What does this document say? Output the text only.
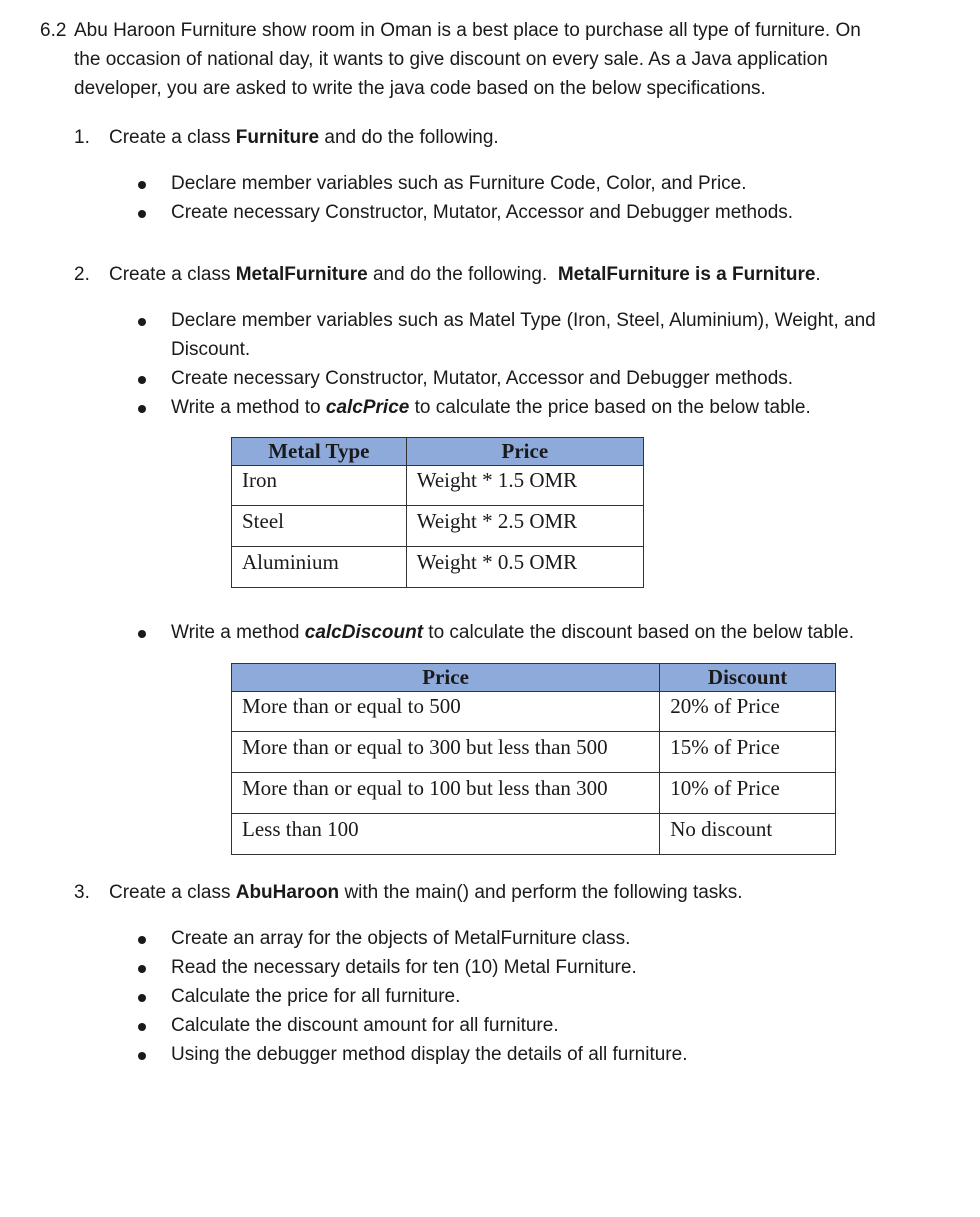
6.2 Abu Haroon Furniture show room in Oman is a best place to purchase all type of furniture. On
the occasion of national day, it wants to give discount on every sale. As a Java application
developer, you are asked to write the java code based on the below specifications.

1. Create a class Furniture and do the following.

Declare member variables such as Furniture Code, Color, and Price.
Create necessary Constructor, Mutator, Accessor and Debugger methods.

2. Create a class MetalFurniture and do the following.  MetalFurniture is a Furniture.

Declare member variables such as Matel Type (Iron, Steel, Aluminium), Weight, and
Discount.
Create necessary Constructor, Mutator, Accessor and Debugger methods.
Write a method to calcPrice to calculate the price based on the below table.
Metal Type	Price
Iron	Weight * 1.5 OMR
Steel	Weight * 2.5 OMR
Aluminium	Weight * 0.5 OMR
Write a method calcDiscount to calculate the discount based on the below table.
Price	Discount
More than or equal to 500	20% of Price
More than or equal to 300 but less than 500	15% of Price
More than or equal to 100 but less than 300	10% of Price
Less than 100	No discount

3. Create a class AbuHaroon with the main() and perform the following tasks.

Create an array for the objects of MetalFurniture class.
Read the necessary details for ten (10) Metal Furniture.
Calculate the price for all furniture.
Calculate the discount amount for all furniture.
Using the debugger method display the details of all furniture.
